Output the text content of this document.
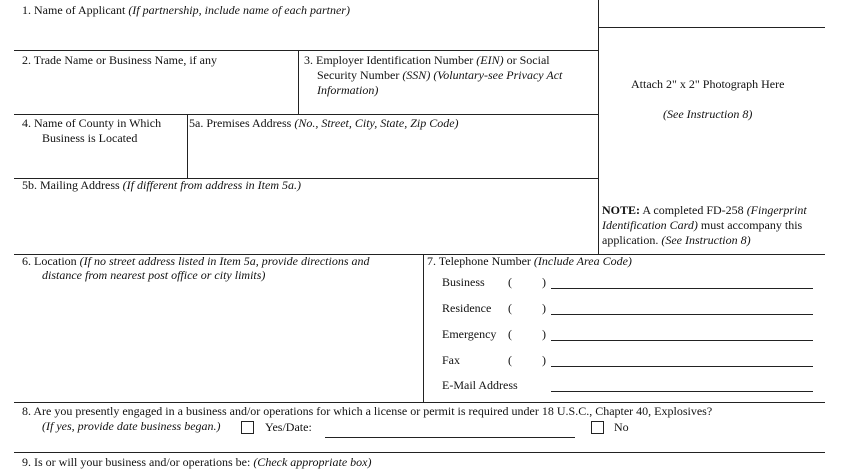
1. Name of Applicant (If partnership, include name of each partner)
2. Trade Name or Business Name, if any	3. Employer Identification Number (EIN) or Social
Security Number (SSN) (Voluntary-see Privacy Act
Information)
4. Name of County in Which
Business is Located
5a. Premises Address (No., Street, City, State, Zip Code)
5b. Mailing Address (If different from address in Item 5a.)
Attach 2" x 2" Photograph Here
(See Instruction 8)
NOTE: A completed FD-258 (Fingerprint
Identification Card) must accompany this
application. (See Instruction 8)
6. Location (If no street address listed in Item 5a, provide directions and
distance from nearest post office or city limits)
7. Telephone Number (Include Area Code)
Business (	)
Residence (	)
Emergency (	)
Fax	(	)
E-Mail Address
8. Are you presently engaged in a business and/or operations for which a license or permit is required under 18 U.S.C., Chapter 40, Explosives?
(If yes, provide date business began.)	Yes/Date:	No
9. Is or will your business and/or operations be: (Check appropriate box)
